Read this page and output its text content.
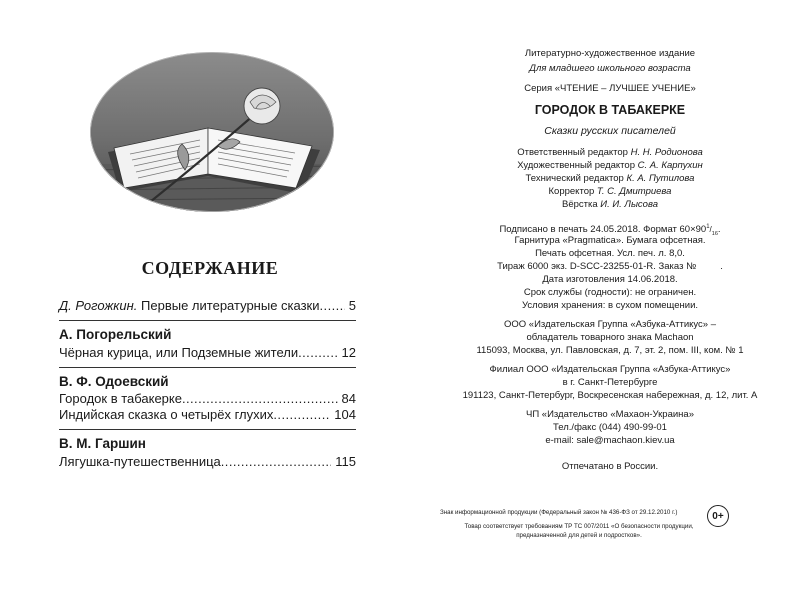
СОДЕРЖАНИЕ
Д. Рогожкин. Первые литературные сказки . . .	5
А. Погорельский
Чёрная курица, или Подземные жители . . .	12
В. Ф. Одоевский
Городок в табакерке . . .	84
Индийская сказка о четырёх глухих . . .	104
В. М. Гаршин
Лягушка-путешественница . . .	115
Литературно-художественное издание
Для младшего школьного возраста
Серия «ЧТЕНИЕ – ЛУЧШЕЕ УЧЕНИЕ»
ГОРОДОК В ТАБАКЕРКЕ
Сказки русских писателей
Ответственный редактор Н. Н. Родионова
Художественный редактор С. А. Карпухин
Технический редактор К. А. Путилова
Корректор Т. С. Дмитриева
Вёрстка И. И. Лысова
Подписано в печать 24.05.2018. Формат $60\times 90^1/_{16}$.
Гарнитура «Pragmatica». Бумага офсетная.
Печать офсетная. Усл. печ. л. 8,0.
Тираж 6000 экз. D-SCC-23255-01-R. Заказ №	.
Дата изготовления 14.06.2018.
Срок службы (годности): не ограничен.
Условия хранения: в сухом помещении.
ООО «Издательская Группа «Азбука-Аттикус» –
обладатель товарного знака Machaon
115093, Москва, ул. Павловская, д. 7, эт. 2, пом. III, ком. № 1
Филиал ООО «Издательская Группа «Азбука-Аттикус»
в г. Санкт-Петербурге
191123, Санкт-Петербург, Воскресенская набережная, д. 12, лит. А
ЧП «Издательство «Махаон-Украина»
Тел./факс (044) 490-99-01
e-mail: sale@machaon.kiev.ua
Отпечатано в России.
Знак информационной продукции (Федеральный закон № 436-ФЗ от 29.12.2010 г.)	0+
Товар соответствует требованиям ТР ТС 007/2011 «О безопасности продукции,
предназначенной для детей и подростков».
